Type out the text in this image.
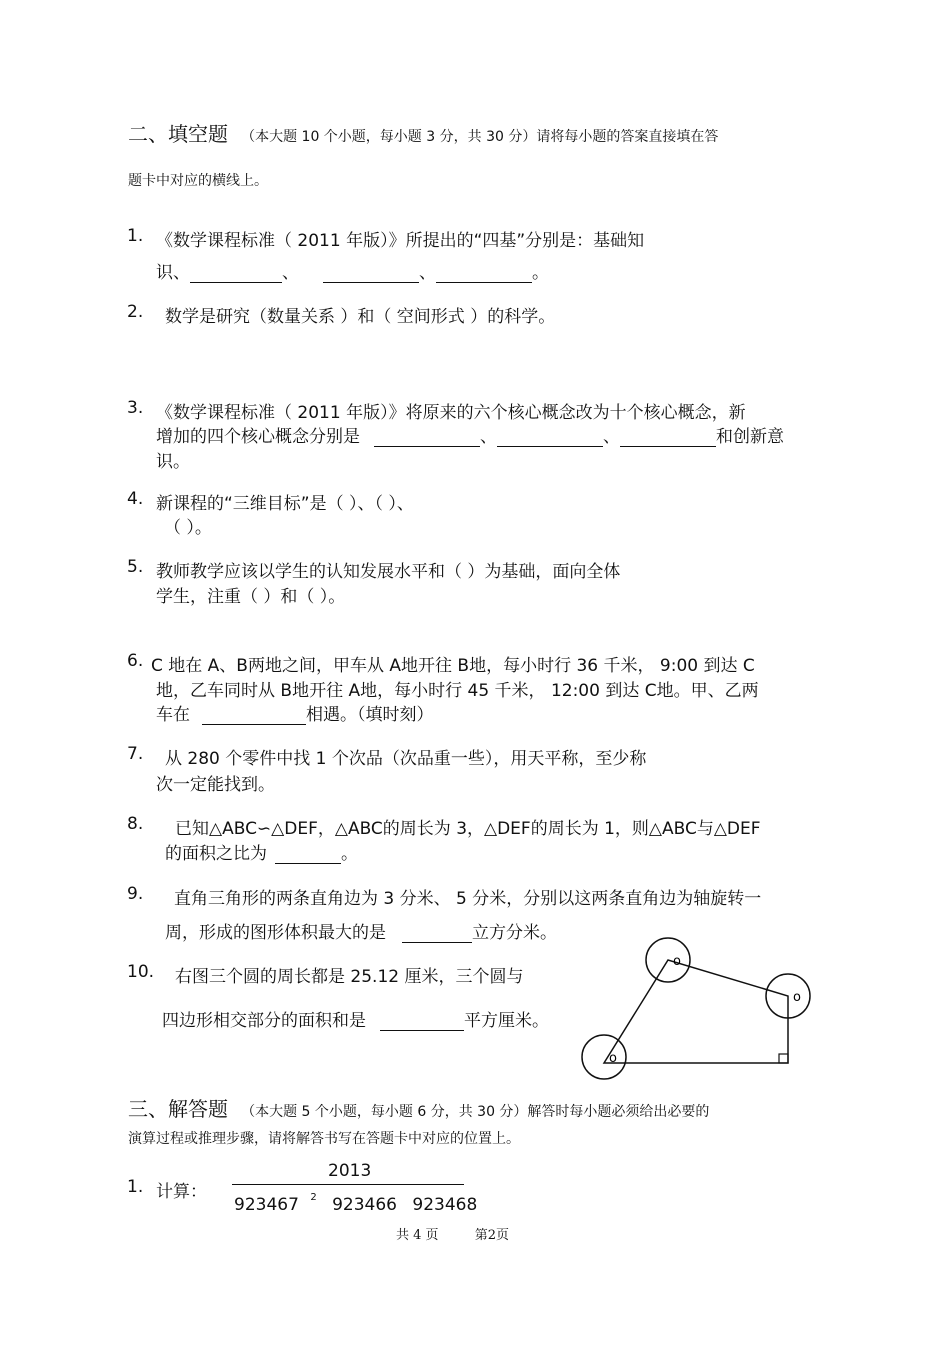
二、填空题 （本大题 10 个小题，每小题 3 分，共 30 分）请将每小题的答案直接填在答
题卡中对应的横线上。
1. 《数学课程标准（ 2011 年版）》所提出的“四基”分别是：基础知
识、	、	、	。
2. 数学是研究（数量关系 ）和（ 空间形式 ）的科学。
3. 《数学课程标准（ 2011 年版）》将原来的六个核心概念改为十个核心概念，新
增加的四个核心概念分别是	、	、	和创新意
识。
4. 新课程的“三维目标”是（ ）、（ ）、
（ ）。
5. 教师教学应该以学生的认知发展水平和（ ）为基础，面向全体
学生，注重（ ）和（ ）。
6. C 地在 A、B两地之间，甲车从 A地开往 B地，每小时行 36 千米， 9:00 到达 C
地，乙车同时从 B地开往 A地，每小时行 45 千米， 12:00 到达 C地。甲、乙两
车在	相遇。（填时刻）
7. 从 280 个零件中找 1 个次品（次品重一些），用天平称，至少称
次一定能找到。
8. 已知△ABC∽△DEF，△ABC的周长为 3，△DEF的周长为 1，则△ABC与△DEF
的面积之比为	。
9. 直角三角形的两条直角边为 3 分米、 5 分米，分别以这两条直角边为轴旋转一
周，形成的图形体积最大的是	立方分米。
10. 右图三个圆的周长都是 25.12 厘米，三个圆与
四边形相交部分的面积和是	平方厘米。
o
o
o
三、解答题 （本大题 5 个小题，每小题 6 分，共 30 分）解答时每小题必须给出必要的
演算过程或推理步骤，请将解答书写在答题卡中对应的位置上。
1. 计算：
2013
923467 $^2$ 923466 923468
共 4 页	第2页
